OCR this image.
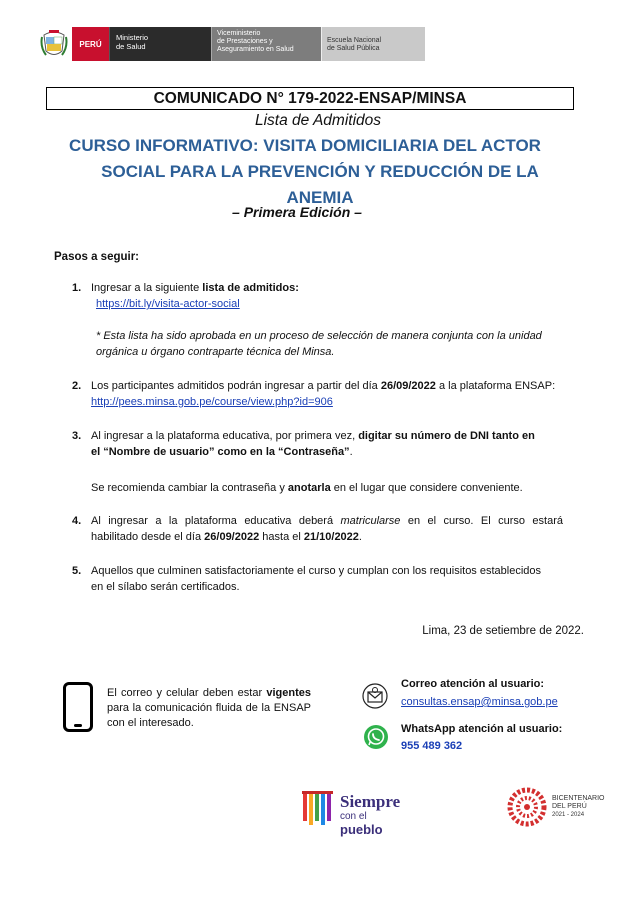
PERÚ
Ministerio
de Salud
Viceministerio
de Prestaciones y
Aseguramiento en Salud
Escuela Nacional
de Salud Pública
COMUNICADO N° 179-2022-ENSAP/MINSA
Lista de Admitidos
CURSO INFORMATIVO: VISITA DOMICILIARIA DEL ACTOR
SOCIAL PARA LA PREVENCIÓN Y REDUCCIÓN DE LA
ANEMIA
– Primera Edición –
Pasos a seguir:
1. Ingresar a la siguiente lista de admitidos:
https://bit.ly/visita-actor-social
* Esta lista ha sido aprobada en un proceso de selección de manera conjunta con la unidad
orgánica u órgano contraparte técnica del Minsa.
2. Los participantes admitidos podrán ingresar a partir del día 26/09/2022 a la plataforma ENSAP:
http://pees.minsa.gob.pe/course/view.php?id=906
3. Al ingresar a la plataforma educativa, por primera vez, digitar su número de DNI tanto en
el “Nombre de usuario” como en la “Contraseña”.
Se recomienda cambiar la contraseña y anotarla en el lugar que considere conveniente.
4. Al ingresar a la plataforma educativa deberá matricularse en el curso. El curso estará
habilitado desde el día 26/09/2022 hasta el 21/10/2022.
5. Aquellos que culminen satisfactoriamente el curso y cumplan con los requisitos establecidos
en el sílabo serán certificados.
Lima, 23 de setiembre de 2022.
El correo y celular deben estar vigentes para la comunicación fluida de la ENSAP con el interesado.
Correo atención al usuario:
consultas.ensap@minsa.gob.pe
WhatsApp atención al usuario:
955 489 362
Siempre
con el pueblo
BICENTENARIO
DEL PERÚ
2021 - 2024
